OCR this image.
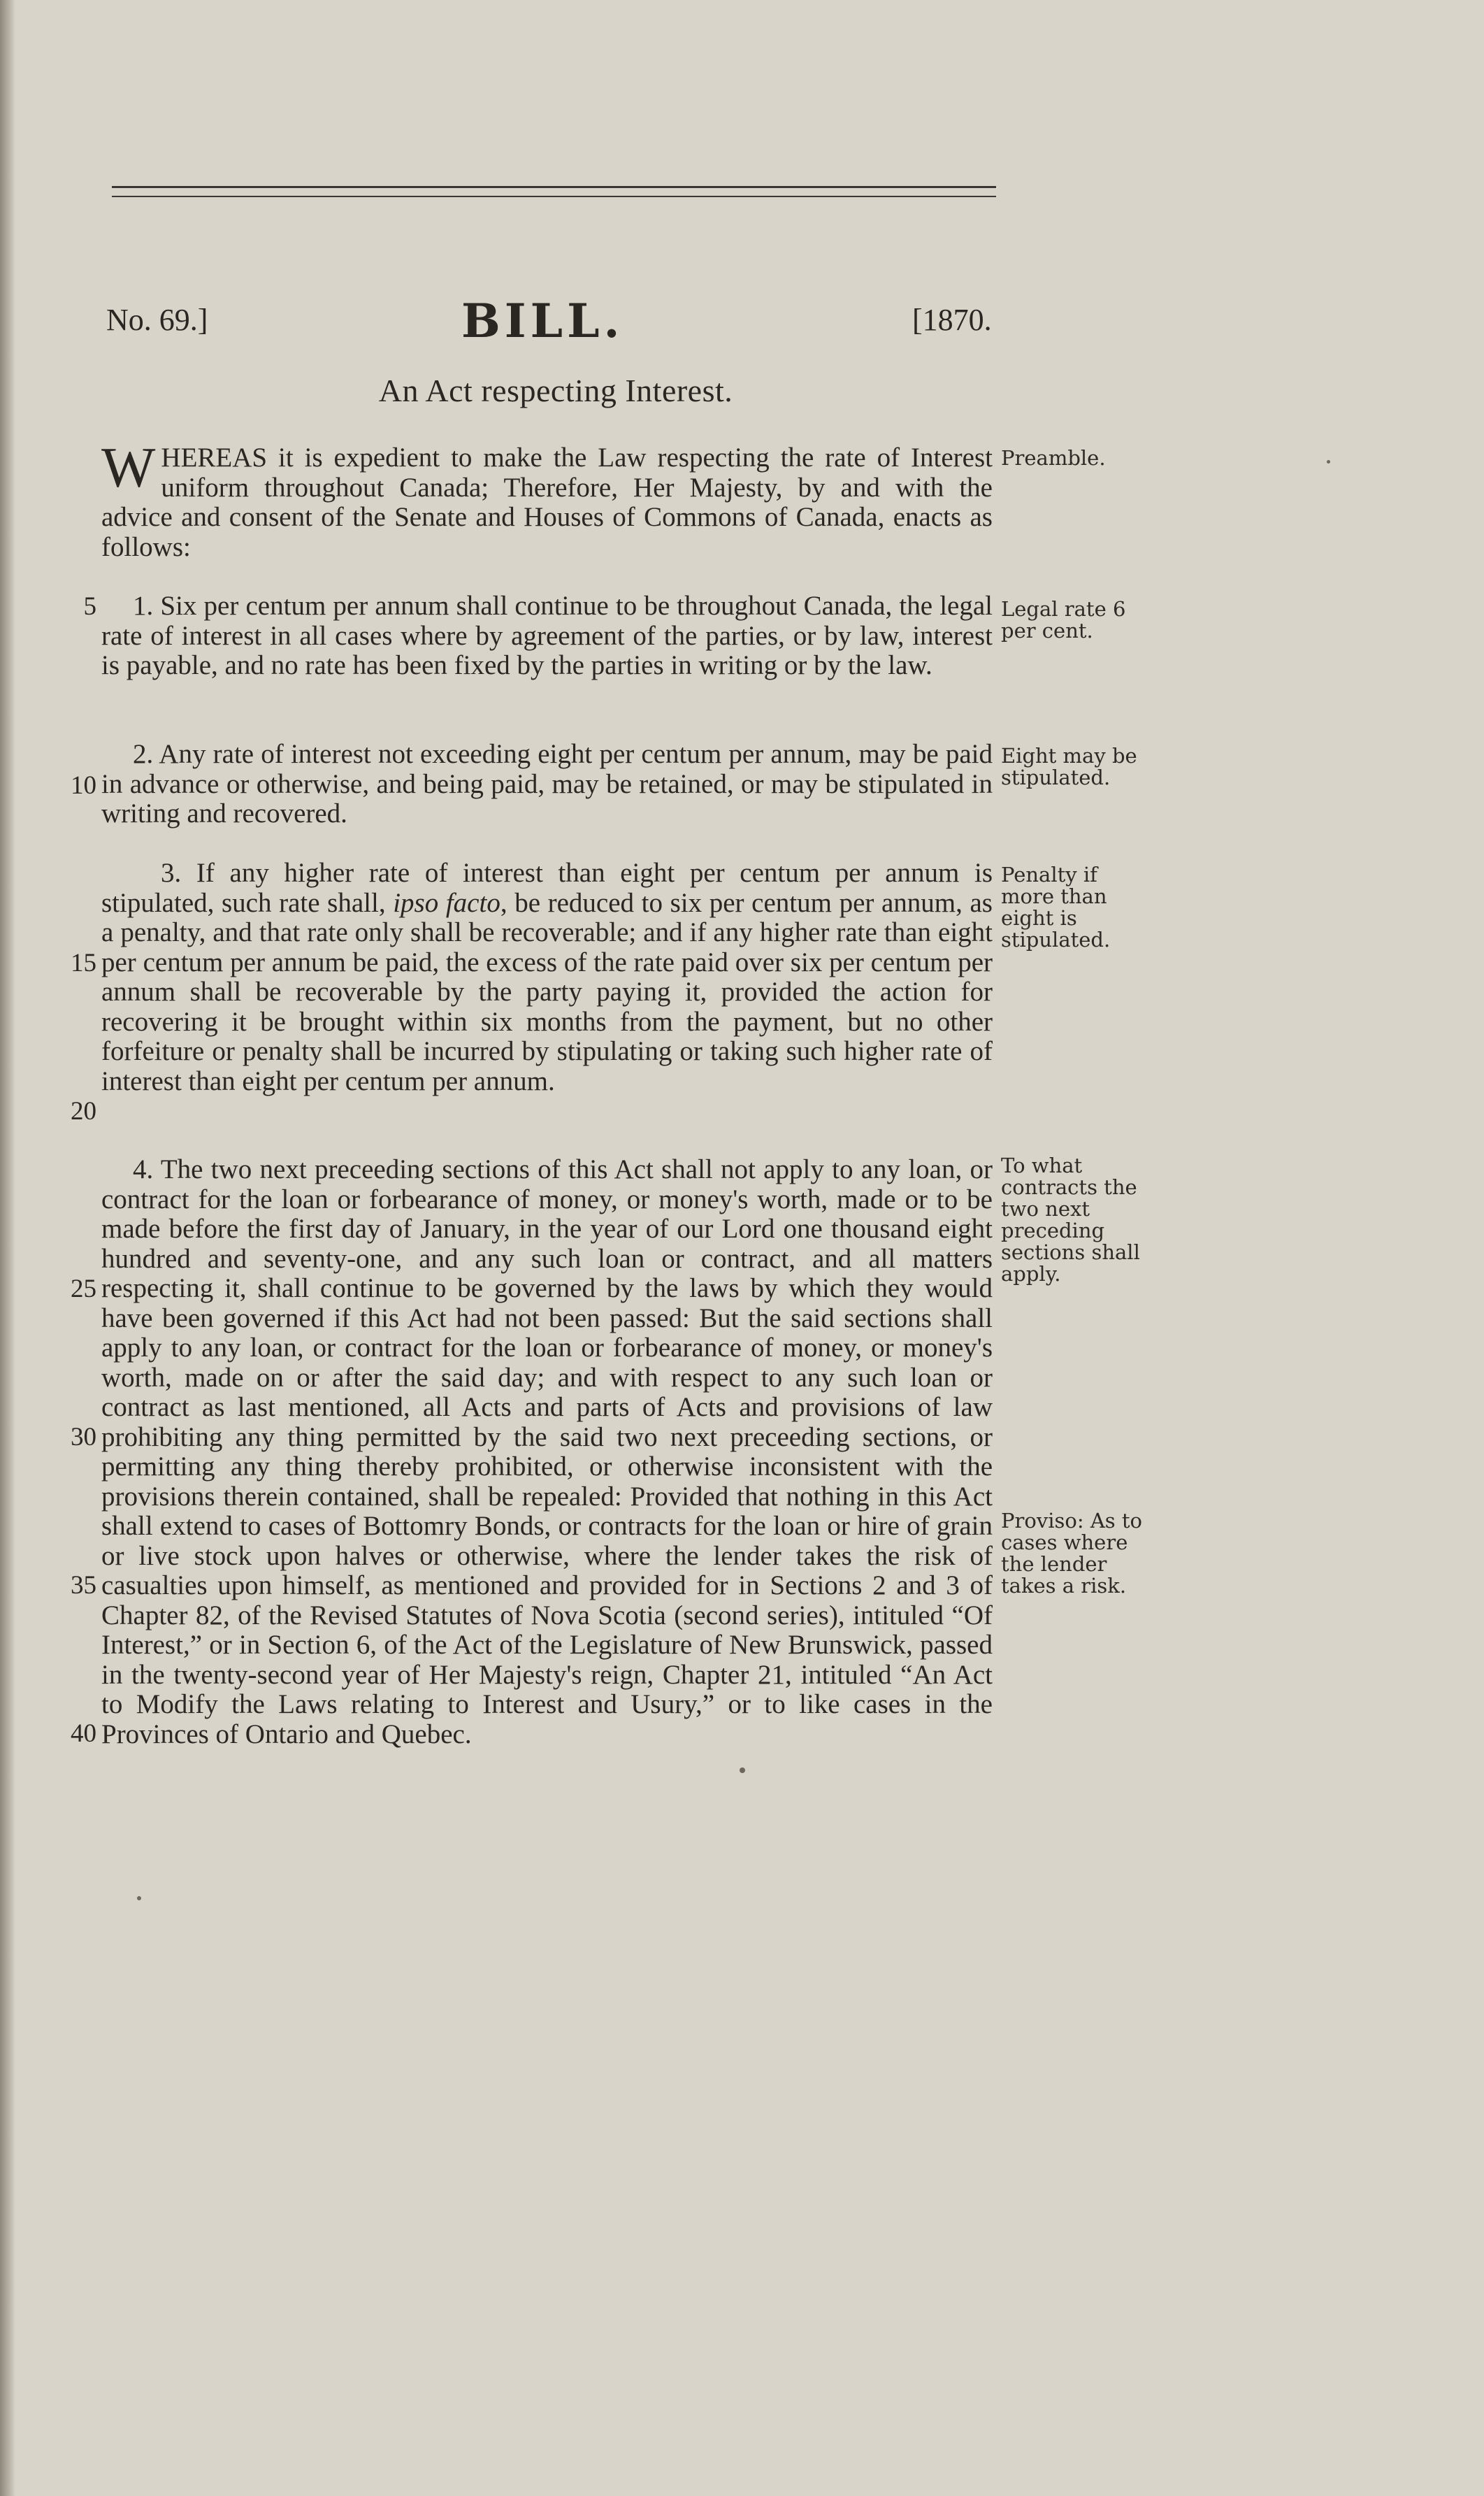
No. 69.]	BILL.	[1870.
An Act respecting Interest.

WHEREAS it is expedient to make the Law respecting the rate of Interest uniform throughout Canada; Therefore, Her Majesty, by and with the advice and consent of the Senate and Houses of Commons of Canada, enacts as follows:

1. Six per centum per annum shall continue to be throughout Canada, the legal rate of interest in all cases where by agreement of the parties, or by law, interest is payable, and no rate has been fixed by the parties in writing or by the law.

2. Any rate of interest not exceeding eight per centum per annum, may be paid in advance or otherwise, and being paid, may be retained, or may be stipulated in writing and recovered.

3. If any higher rate of interest than eight per centum per annum is stipulated, such rate shall, ipso facto, be reduced to six per centum per annum, as a penalty, and that rate only shall be recoverable; and if any higher rate than eight per centum per annum be paid, the excess of the rate paid over six per centum per annum shall be recoverable by the party paying it, provided the action for recovering it be brought within six months from the payment, but no other forfeiture or penalty shall be incurred by stipulating or taking such higher rate of interest than eight per centum per annum.

4. The two next preceeding sections of this Act shall not apply to any loan, or contract for the loan or forbearance of money, or money's worth, made or to be made before the first day of January, in the year of our Lord one thousand eight hundred and seventy-one, and any such loan or contract, and all matters respecting it, shall continue to be governed by the laws by which they would have been governed if this Act had not been passed: But the said sections shall apply to any loan, or contract for the loan or forbearance of money, or money's worth, made on or after the said day; and with respect to any such loan or contract as last mentioned, all Acts and parts of Acts and provisions of law prohibiting any thing permitted by the said two next preceeding sections, or permitting any thing thereby prohibited, or otherwise inconsistent with the provisions therein contained, shall be repealed: Provided that nothing in this Act shall extend to cases of Bottomry Bonds, or contracts for the loan or hire of grain or live stock upon halves or otherwise, where the lender takes the risk of casualties upon himself, as mentioned and provided for in Sections 2 and 3 of Chapter 82, of the Revised Statutes of Nova Scotia (second series), intituled “Of Interest,” or in Section 6, of the Act of the Legislature of New Brunswick, passed in the twenty-second year of Her Majesty's reign, Chapter 21, intituled “An Act to Modify the Laws relating to Interest and Usury,” or to like cases in the Provinces of Ontario and Quebec.

5
10
15
20
25
30
35
40
Preamble.
Legal rate 6 per cent.
Eight may be stipulated.
Penalty if more than eight is stipulated.
To what contracts the two next preceding sections shall apply.
Proviso: As to cases where the lender takes a risk.
